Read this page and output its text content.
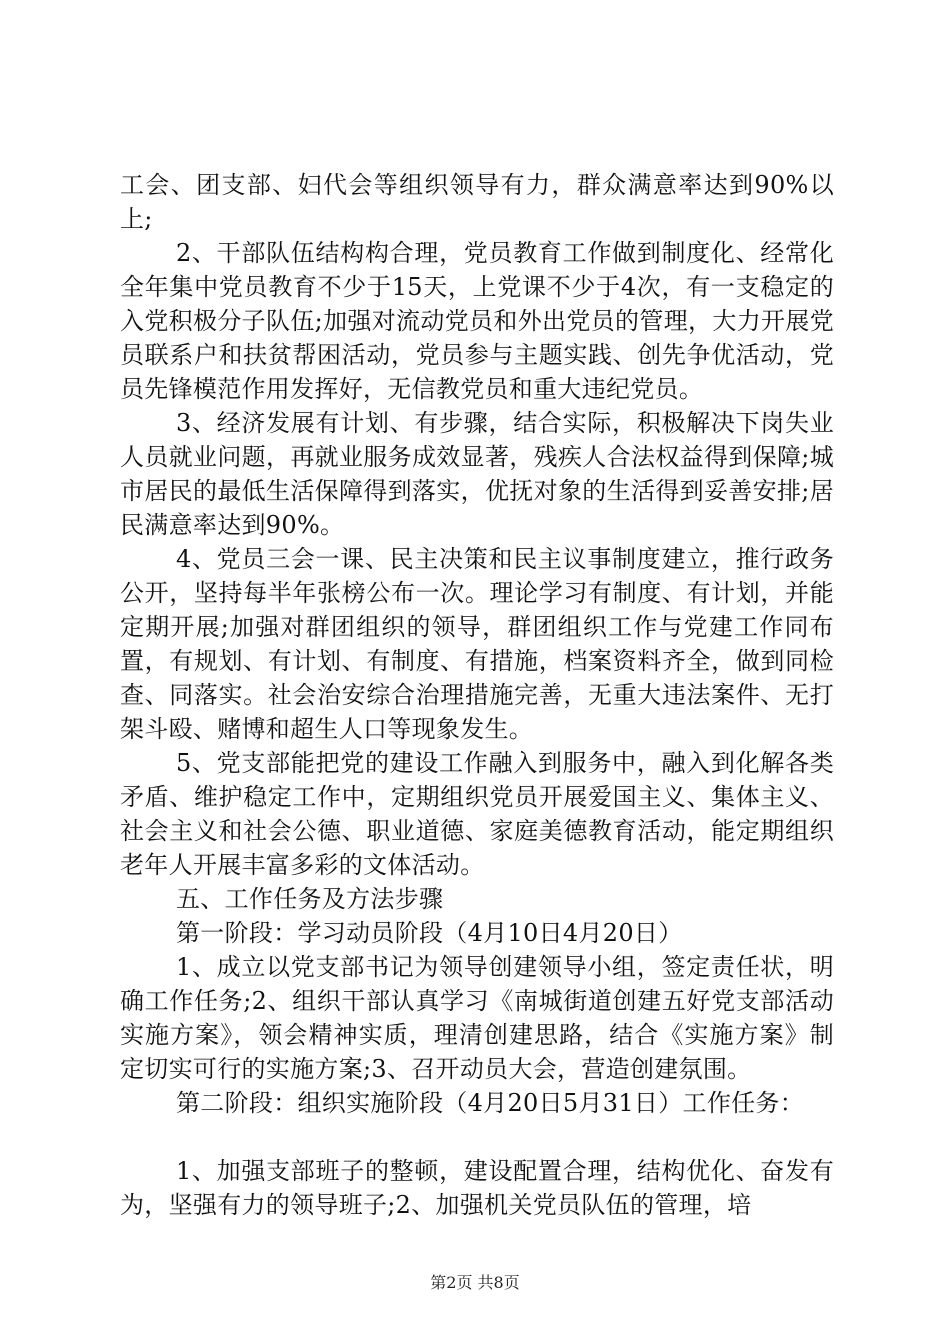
工会、团支部、妇代会等组织领导有力，群众满意率达到90%以上;

2、干部队伍结构构合理，党员教育工作做到制度化、经常化全年集中党员教育不少于15天，上党课不少于4次，有一支稳定的入党积极分子队伍;加强对流动党员和外出党员的管理，大力开展党员联系户和扶贫帮困活动，党员参与主题实践、创先争优活动，党员先锋模范作用发挥好，无信教党员和重大违纪党员。

3、经济发展有计划、有步骤，结合实际，积极解决下岗失业人员就业问题，再就业服务成效显著，残疾人合法权益得到保障;城市居民的最低生活保障得到落实，优抚对象的生活得到妥善安排;居民满意率达到90%。

4、党员三会一课、民主决策和民主议事制度建立，推行政务公开，坚持每半年张榜公布一次。理论学习有制度、有计划，并能定期开展;加强对群团组织的领导，群团组织工作与党建工作同布置，有规划、有计划、有制度、有措施，档案资料齐全，做到同检查、同落实。社会治安综合治理措施完善，无重大违法案件、无打架斗殴、赌博和超生人口等现象发生。

5、党支部能把党的建设工作融入到服务中，融入到化解各类矛盾、维护稳定工作中，定期组织党员开展爱国主义、集体主义、社会主义和社会公德、职业道德、家庭美德教育活动，能定期组织老年人开展丰富多彩的文体活动。

五、工作任务及方法步骤

第一阶段：学习动员阶段（4月10日4月20日）

1、成立以党支部书记为领导创建领导小组，签定责任状，明确工作任务;2、组织干部认真学习《南城街道创建五好党支部活动实施方案》，领会精神实质，理清创建思路，结合《实施方案》制定切实可行的实施方案;3、召开动员大会，营造创建氛围。

第二阶段：组织实施阶段（4月20日5月31日）工作任务：

1、加强支部班子的整顿，建设配置合理，结构优化、奋发有为，坚强有力的领导班子;2、加强机关党员队伍的管理，培

第2页 共8页
